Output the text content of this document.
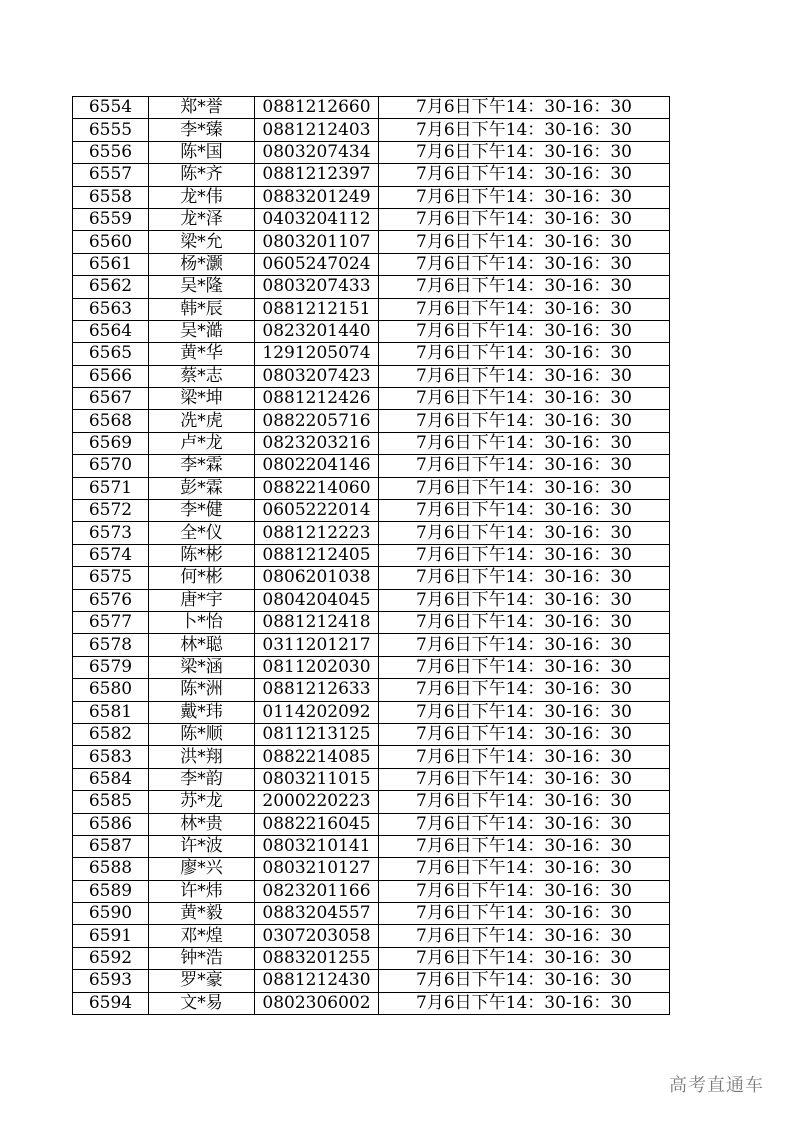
6554	郑*誉	0881212660	7月6日下午14：30-16：30
6555	李*臻	0881212403	7月6日下午14：30-16：30
6556	陈*国	0803207434	7月6日下午14：30-16：30
6557	陈*齐	0881212397	7月6日下午14：30-16：30
6558	龙*伟	0883201249	7月6日下午14：30-16：30
6559	龙*泽	0403204112	7月6日下午14：30-16：30
6560	梁*允	0803201107	7月6日下午14：30-16：30
6561	杨*灏	0605247024	7月6日下午14：30-16：30
6562	吴*隆	0803207433	7月6日下午14：30-16：30
6563	韩*辰	0881212151	7月6日下午14：30-16：30
6564	吴*澔	0823201440	7月6日下午14：30-16：30
6565	黄*华	1291205074	7月6日下午14：30-16：30
6566	蔡*志	0803207423	7月6日下午14：30-16：30
6567	梁*坤	0881212426	7月6日下午14：30-16：30
6568	冼*虎	0882205716	7月6日下午14：30-16：30
6569	卢*龙	0823203216	7月6日下午14：30-16：30
6570	李*霖	0802204146	7月6日下午14：30-16：30
6571	彭*霖	0882214060	7月6日下午14：30-16：30
6572	李*健	0605222014	7月6日下午14：30-16：30
6573	全*仪	0881212223	7月6日下午14：30-16：30
6574	陈*彬	0881212405	7月6日下午14：30-16：30
6575	何*彬	0806201038	7月6日下午14：30-16：30
6576	唐*宇	0804204045	7月6日下午14：30-16：30
6577	卜*怡	0881212418	7月6日下午14：30-16：30
6578	林*聪	0311201217	7月6日下午14：30-16：30
6579	梁*涵	0811202030	7月6日下午14：30-16：30
6580	陈*洲	0881212633	7月6日下午14：30-16：30
6581	戴*玮	0114202092	7月6日下午14：30-16：30
6582	陈*顺	0811213125	7月6日下午14：30-16：30
6583	洪*翔	0882214085	7月6日下午14：30-16：30
6584	李*韵	0803211015	7月6日下午14：30-16：30
6585	苏*龙	2000220223	7月6日下午14：30-16：30
6586	林*贵	0882216045	7月6日下午14：30-16：30
6587	许*波	0803210141	7月6日下午14：30-16：30
6588	廖*兴	0803210127	7月6日下午14：30-16：30
6589	许*炜	0823201166	7月6日下午14：30-16：30
6590	黄*毅	0883204557	7月6日下午14：30-16：30
6591	邓*煌	0307203058	7月6日下午14：30-16：30
6592	钟*浩	0883201255	7月6日下午14：30-16：30
6593	罗*豪	0881212430	7月6日下午14：30-16：30
6594	文*易	0802306002	7月6日下午14：30-16：30
高考直通车
